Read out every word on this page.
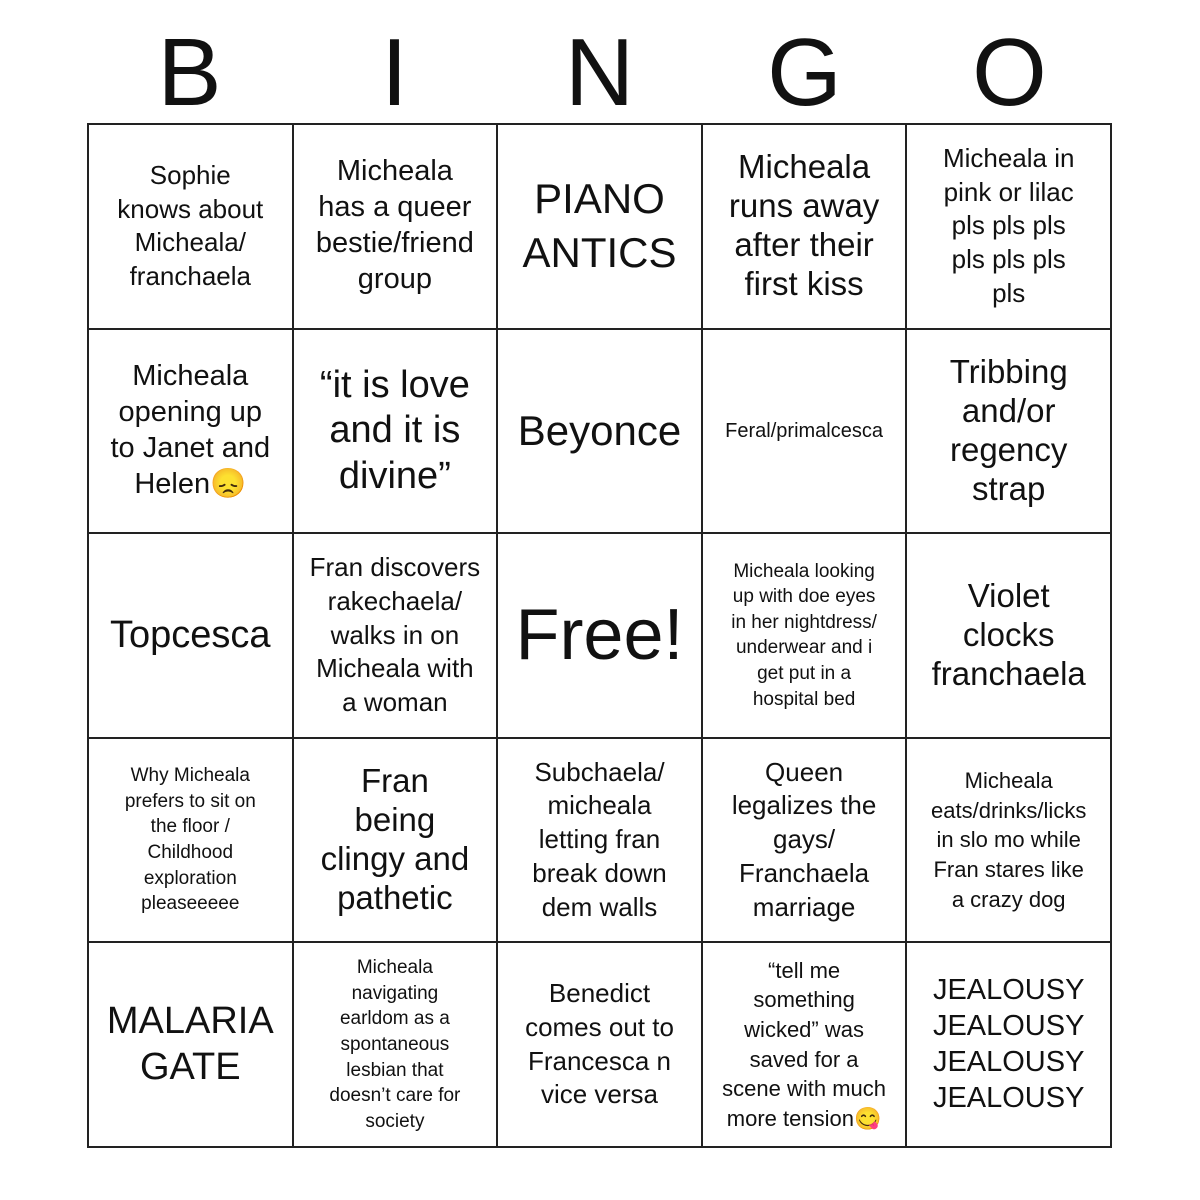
B	I	N	G	O
Sophie
knows about
Micheala/
franchaela
Micheala
has a queer
bestie/friend
group
PIANO
ANTICS
Micheala
runs away
after their
first kiss
Micheala in
pink or lilac
pls pls pls
pls pls pls
pls
Micheala
opening up
to Janet and
Helen😞
“it is love
and it is
divine”
Beyonce Feral/primalcesca
Tribbing
and/or
regency
strap
Topcesca
Fran discovers
rakechaela/
walks in on
Micheala with
a woman
Free!
Micheala looking
up with doe eyes
in her nightdress/
underwear and i
get put in a
hospital bed
Violet
clocks
franchaela
Why Micheala
prefers to sit on
the floor /
Childhood
exploration
pleaseeeee
Fran
being
clingy and
pathetic
Subchaela/
micheala
letting fran
break down
dem walls
Queen
legalizes the
gays/
Franchaela
marriage
Micheala
eats/drinks/licks
in slo mo while
Fran stares like
a crazy dog
MALARIA
GATE
Micheala
navigating
earldom as a
spontaneous
lesbian that
doesn’t care for
society
Benedict
comes out to
Francesca n
vice versa
“tell me
something
wicked” was
saved for a
scene with much
more tension😋
JEALOUSY
JEALOUSY
JEALOUSY
JEALOUSY
